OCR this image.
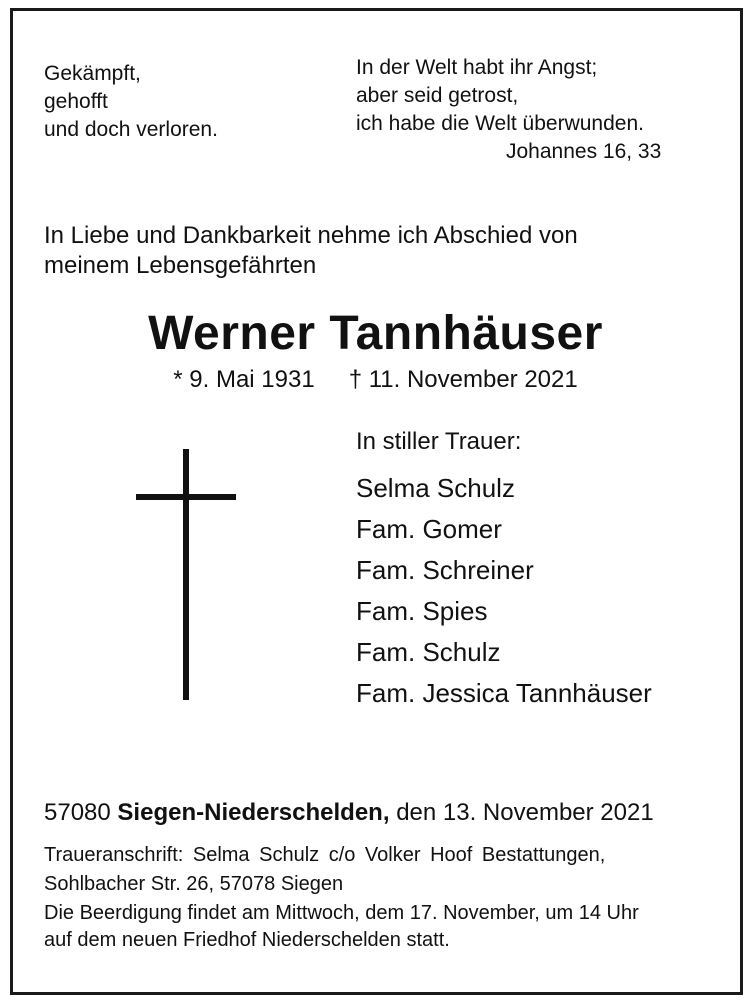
Gekämpft,
gehofft
und doch verloren.
In der Welt habt ihr Angst;
aber seid getrost,
ich habe die Welt überwunden.
Johannes 16, 33
In Liebe und Dankbarkeit nehme ich Abschied von
meinem Lebensgefährten
Werner Tannhäuser
* 9. Mai 1931 † 11. November 2021
In stiller Trauer:
Selma Schulz
Fam. Gomer
Fam. Schreiner
Fam. Spies
Fam. Schulz
Fam. Jessica Tannhäuser
57080 Siegen-Niederschelden, den 13. November 2021
Traueranschrift: Selma Schulz c/o Volker Hoof Bestattungen,
Sohlbacher Str. 26, 57078 Siegen
Die Beerdigung findet am Mittwoch, dem 17. November, um 14 Uhr
auf dem neuen Friedhof Niederschelden statt.
